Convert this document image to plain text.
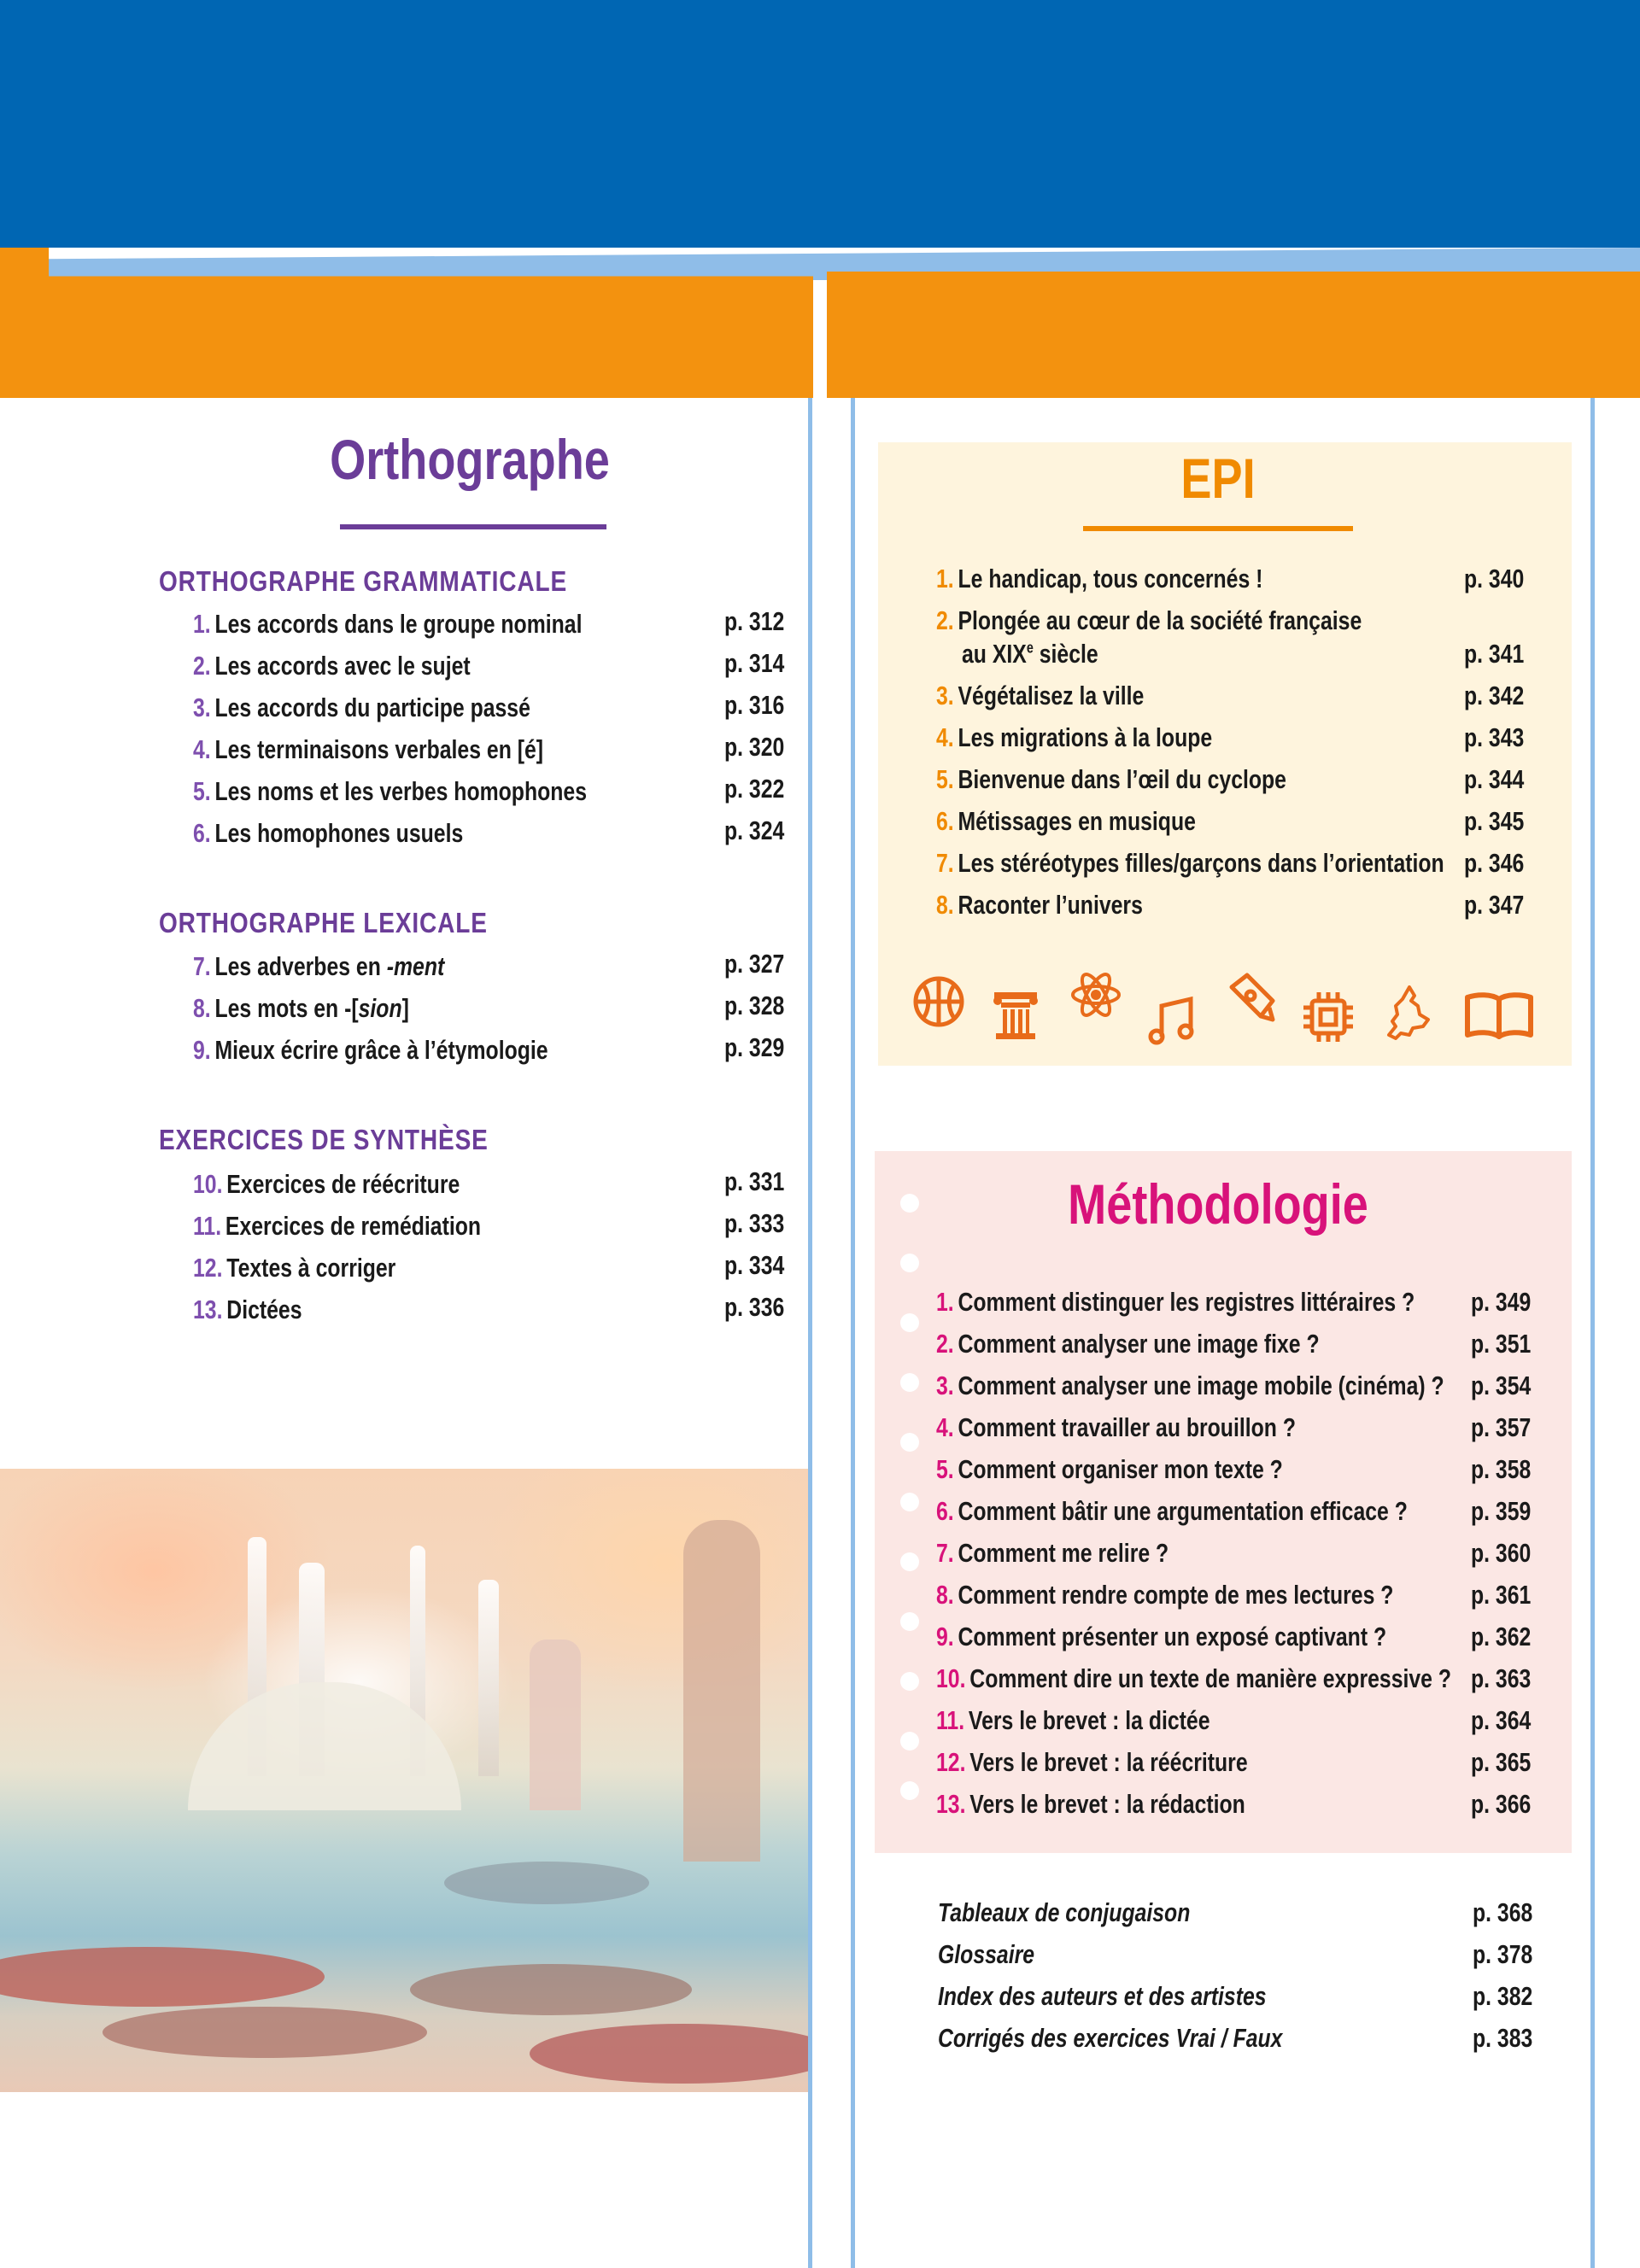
Orthographe
ORTHOGRAPHE GRAMMATICALE
1. Les accords dans le groupe nominal	p. 312
2. Les accords avec le sujet	p. 314
3. Les accords du participe passé	p. 316
4. Les terminaisons verbales en [é]	p. 320
5. Les noms et les verbes homophones	p. 322
6. Les homophones usuels	p. 324
ORTHOGRAPHE LEXICALE
7. Les adverbes en -ment	p. 327
8. Les mots en -[sion]	p. 328
9. Mieux écrire grâce à l’étymologie	p. 329
EXERCICES DE SYNTHÈSE
10. Exercices de réécriture	p. 331
11. Exercices de remédiation	p. 333
12. Textes à corriger	p. 334
13. Dictées	p. 336
EPI
1. Le handicap, tous concernés !	p. 340
2. Plongée au cœur de la société française
au XIXe siècle	p. 341
3. Végétalisez la ville	p. 342
4. Les migrations à la loupe	p. 343
5. Bienvenue dans l’œil du cyclope	p. 344
6. Métissages en musique	p. 345
7. Les stéréotypes filles/garçons dans l’orientation p. 346
8. Raconter l’univers	p. 347
Méthodologie
1. Comment distinguer les registres littéraires ? p. 349
2. Comment analyser une image fixe ?	p. 351
3. Comment analyser une image mobile (cinéma) ? p. 354
4. Comment travailler au brouillon ?	p. 357
5. Comment organiser mon texte ?	p. 358
6. Comment bâtir une argumentation efficace ? p. 359
7. Comment me relire ?	p. 360
8. Comment rendre compte de mes lectures ?	p. 361
9. Comment présenter un exposé captivant ?	p. 362
10. Comment dire un texte de manière expressive ? p. 363
11. Vers le brevet : la dictée	p. 364
12. Vers le brevet : la réécriture	p. 365
13. Vers le brevet : la rédaction	p. 366
Tableaux de conjugaison	p. 368
Glossaire	p. 378
Index des auteurs et des artistes	p. 382
Corrigés des exercices Vrai / Faux	p. 383
